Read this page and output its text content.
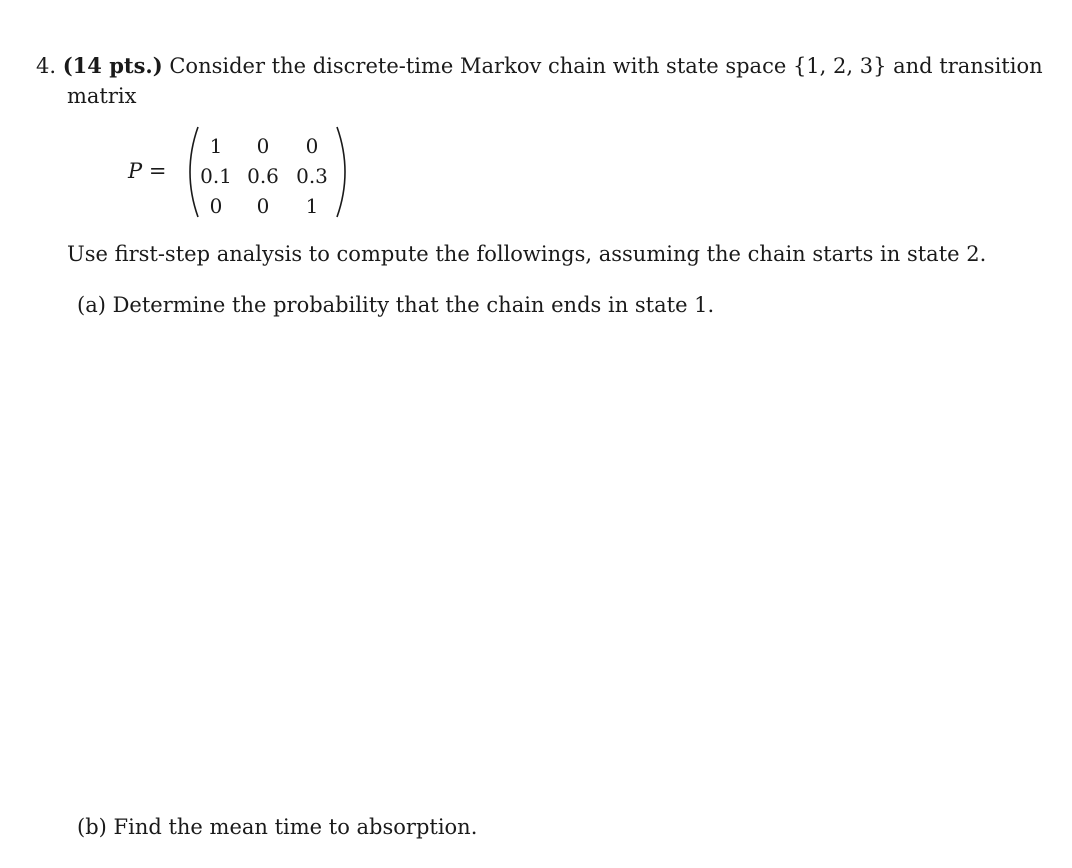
4. (14 pts.) Consider the discrete-time Markov chain with state space {1, 2, 3} and transition
matrix
P =
1	0	0
0.1 0.6 0.3
0	0	1
Use first-step analysis to compute the followings, assuming the chain starts in state 2.
(a) Determine the probability that the chain ends in state 1.
(b) Find the mean time to absorption.
